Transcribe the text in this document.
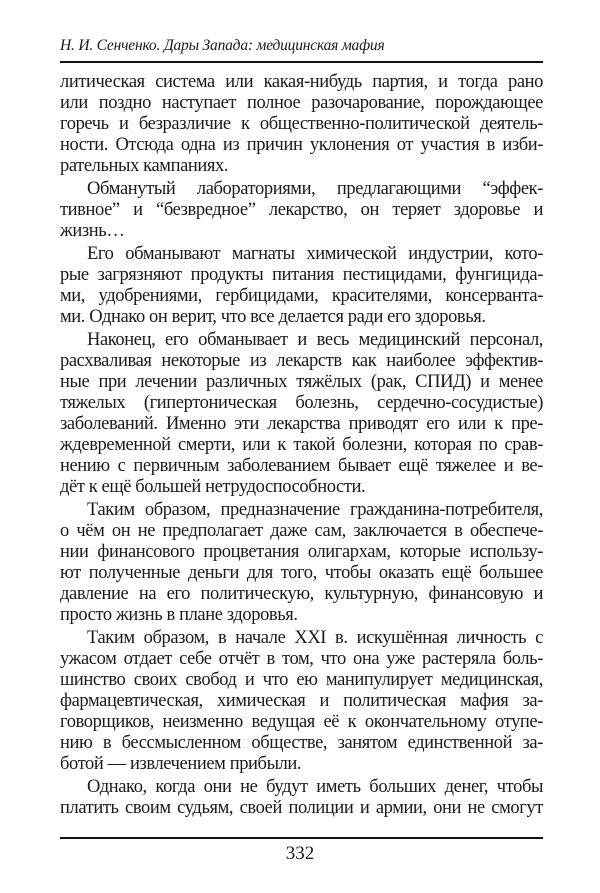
Н. И. Сенченко. Дары Запада: медицинская мафия
литическая система или какая-нибудь партия, и тогда рано
или поздно наступает полное разочарование, порождающее
горечь и безразличие к общественно-политической деятель-
ности. Отсюда одна из причин уклонения от участия в изби-
рательных кампаниях.
Обманутый лабораториями, предлагающими “эффек-
тивное” и “безвредное” лекарство, он теряет здоровье и
жизнь…
Его обманывают магнаты химической индустрии, кото-
рые загрязняют продукты питания пестицидами, фунгицида-
ми, удобрениями, гербицидами, красителями, консерванта-
ми. Однако он верит, что все делается ради его здоровья.
Наконец, его обманывает и весь медицинский персонал,
расхваливая некоторые из лекарств как наиболее эффектив-
ные при лечении различных тяжёлых (рак, СПИД) и менее
тяжелых (гипертоническая болезнь, сердечно-сосудистые)
заболеваний. Именно эти лекарства приводят его или к пре-
ждевременной смерти, или к такой болезни, которая по срав-
нению с первичным заболеванием бывает ещё тяжелее и ве-
дёт к ещё большей нетрудоспособности.
Таким образом, предназначение гражданина-потребителя,
о чём он не предполагает даже сам, заключается в обеспече-
нии финансового процветания олигархам, которые использу-
ют полученные деньги для того, чтобы оказать ещё большее
давление на его политическую, культурную, финансовую и
просто жизнь в плане здоровья.
Таким образом, в начале XXI в. искушённая личность с
ужасом отдает себе отчёт в том, что она уже растеряла боль-
шинство своих свобод и что ею манипулирует медицинская,
фармацевтическая, химическая и политическая мафия за-
говорщиков, неизменно ведущая её к окончательному отупе-
нию в бессмысленном обществе, занятом единственной за-
ботой — извлечением прибыли.
Однако, когда они не будут иметь больших денег, чтобы
платить своим судьям, своей полиции и армии, они не смогут
332
